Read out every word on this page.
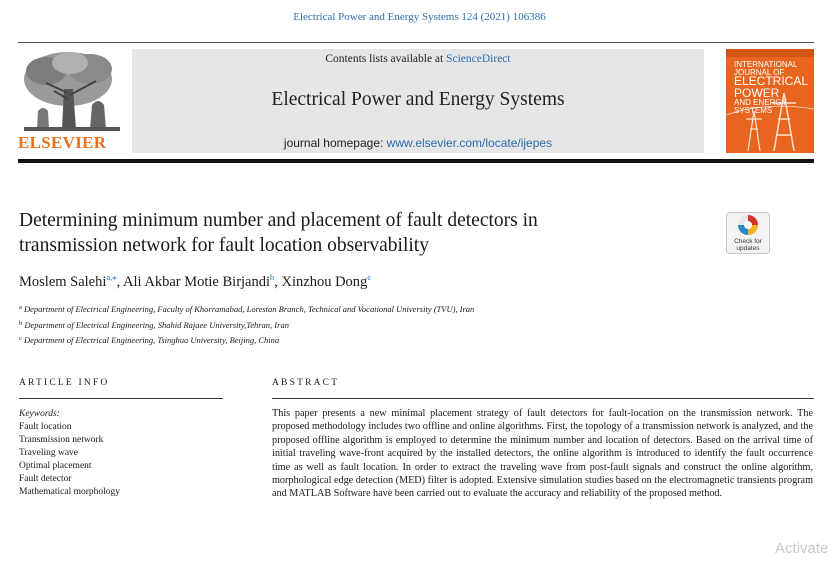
Electrical Power and Energy Systems 124 (2021) 106386
ELSEVIER
Contents lists available at ScienceDirect
Electrical Power and Energy Systems
journal homepage: www.elsevier.com/locate/ijepes
INTERNATIONAL JOURNAL OF
ELECTRICAL POWER
AND ENERGY SYSTEMS
Determining minimum number and placement of fault detectors in
transmission network for fault location observability	Check for
updates
Moslem Salehi$^{a,⁎}$, Ali Akbar Motie Birjandi$^b$, Xinzhou Dong$^c$
$^a$ Department of Electrical Engineering, Faculty of Khorramabad, Lorestan Branch, Technical and Vocational University (TVU), Iran
$^b$ Department of Electrical Engineering, Shahid Rajaee University,Tehran, Iran
$^c$ Department of Electrical Engineering, Tsinghua University, Beijing, China
ARTICLE INFO	ABSTRACT
Keywords:
Fault location
Transmission network
Traveling wave
Optimal placement
Fault detector
Mathematical morphology
This paper presents a new minimal placement strategy of fault detectors for fault-location on the transmission network. The proposed methodology includes two offline and online algorithms. First, the topology of a transmission network is analyzed, and the proposed offline algorithm is employed to determine the minimum number and location of detectors. Based on the arrival time of initial traveling wave-front acquired by the installed detectors, the online algorithm is introduced to identify the fault occurrence time as well as fault location. In order to extract the traveling wave from post-fault signals and construct the online algorithm, morphological edge detection (MED) filter is adopted. Extensive simulation studies based on the electromagnetic transients program and MATLAB Software have been carried out to evaluate the accuracy and reliability of the proposed method.
Activate
